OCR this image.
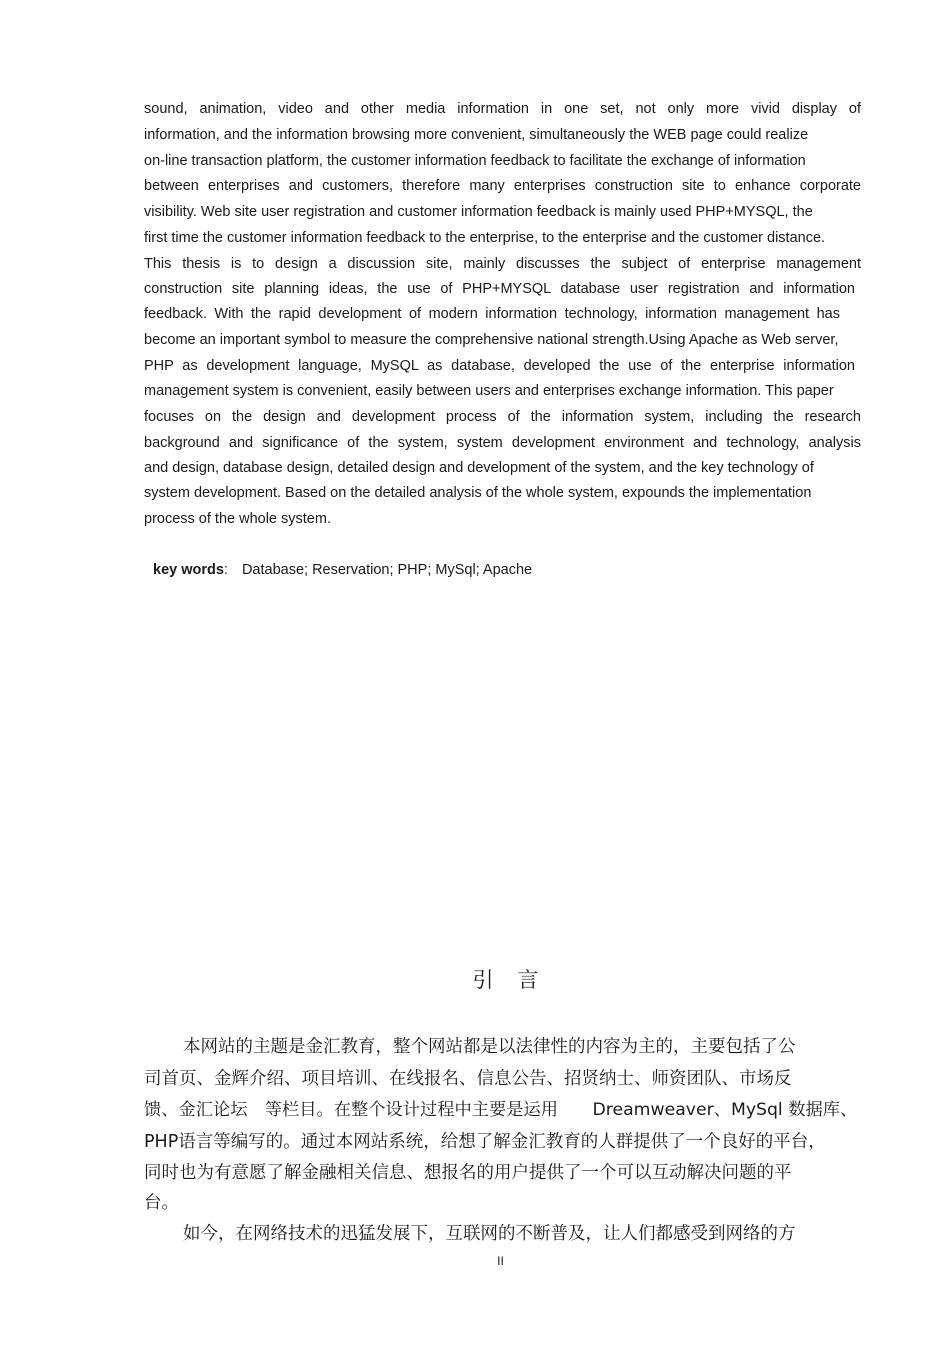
sound, animation, video and other media information in one set, not only more vivid display of
information, and the information browsing more convenient, simultaneously the WEB page could realize
on-line transaction platform, the customer information feedback to facilitate the exchange of information
between enterprises and customers, therefore many enterprises construction site to enhance corporate
visibility. Web site user registration and customer information feedback is mainly used PHP+MYSQL, the
first time the customer information feedback to the enterprise, to the enterprise and the customer distance.
This thesis is to design a discussion site, mainly discusses the subject of enterprise management
construction site planning ideas, the use of PHP+MYSQL database user registration and information
feedback. With the rapid development of modern information technology, information management has
become an important symbol to measure the comprehensive national strength.Using Apache as Web server,
PHP as development language, MySQL as database, developed the use of the enterprise information
management system is convenient, easily between users and enterprises exchange information. This paper
focuses on the design and development process of the information system, including the research
background and significance of the system, system development environment and technology, analysis
and design, database design, detailed design and development of the system, and the key technology of
system development. Based on the detailed analysis of the whole system, expounds the implementation
process of the whole system.
key words: Database; Reservation; PHP; MySql; Apache
引言
本网站的主题是金汇教育，整个网站都是以法律性的内容为主的，主要包括了公
司首页、金辉介绍、项目培训、在线报名、信息公告、招贤纳士、师资团队、市场反
馈、金汇论坛　等栏目。在整个设计过程中主要是运用　　Dreamweaver、MySql 数据库、
PHP语言等编写的。通过本网站系统，给想了解金汇教育的人群提供了一个良好的平台，
同时也为有意愿了解金融相关信息、想报名的用户提供了一个可以互动解决问题的平
台。
如今，在网络技术的迅猛发展下，互联网的不断普及，让人们都感受到网络的方
II
